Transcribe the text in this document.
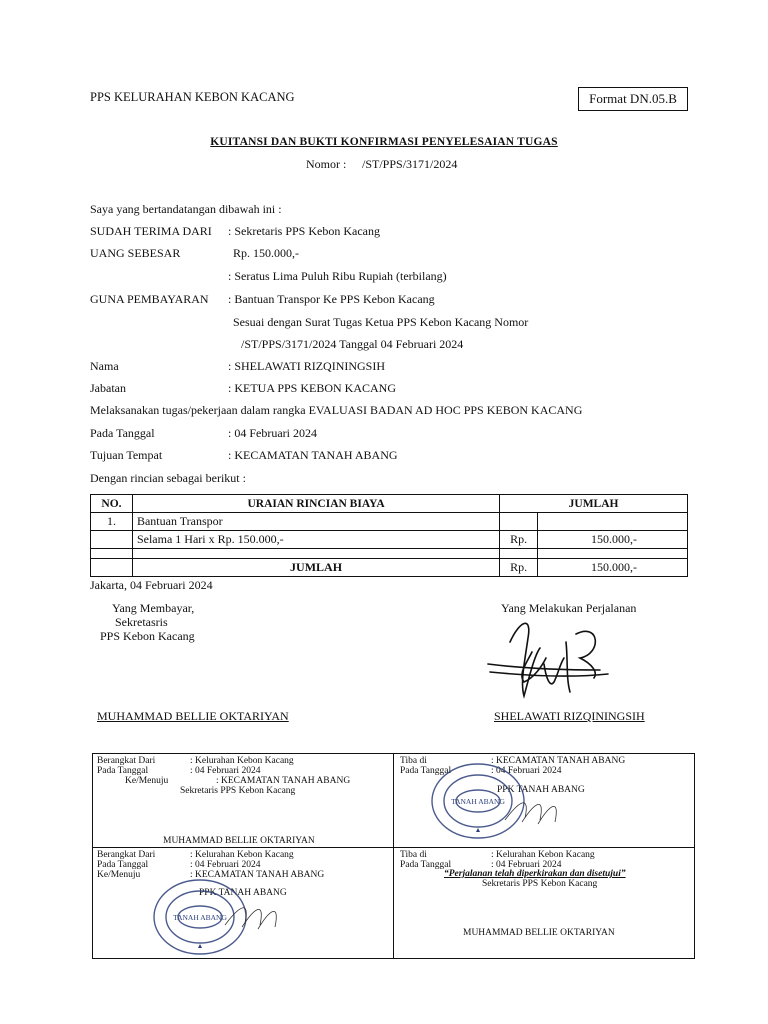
PPS KELURAHAN KEBON KACANG	Format DN.05.B
KUITANSI DAN BUKTI KONFIRMASI PENYELESAIAN TUGAS
Nomor : /ST/PPS/3171/2024
Saya yang bertandatangan dibawah ini :
SUDAH TERIMA DARI : Sekretaris PPS Kebon Kacang
UANG SEBESAR	Rp. 150.000,-
: Seratus Lima Puluh Ribu Rupiah (terbilang)
GUNA PEMBAYARAN : Bantuan Transpor Ke PPS Kebon Kacang
Sesuai dengan Surat Tugas Ketua PPS Kebon Kacang Nomor
/ST/PPS/3171/2024 Tanggal 04 Februari 2024
Nama	: SHELAWATI RIZQININGSIH
Jabatan	: KETUA PPS KEBON KACANG
Melaksanakan tugas/pekerjaan dalam rangka EVALUASI BADAN AD HOC PPS KEBON KACANG
Pada Tanggal	: 04 Februari 2024
Tujuan Tempat	: KECAMATAN TANAH ABANG
Dengan rincian sebagai berikut :
NO.	URAIAN RINCIAN BIAYA	JUMLAH	
1.	Bantuan Transpor		
	Selama 1 Hari x Rp. 150.000,-	Rp.	150.000,-

	JUMLAH	Rp.	150.000,-
Jakarta, 04 Februari 2024
Yang Membayar,
Sekretasris
PPS Kebon Kacang
Yang Melakukan Perjalanan
MUHAMMAD BELLIE OKTARIYAN	SHELAWATI RIZQININGSIH
Berangkat Dari	: Kelurahan Kebon Kacang
Pada Tanggal	: 04 Februari 2024
Ke/Menuju	: KECAMATAN TANAH ABANG
Sekretaris PPS Kebon Kacang
MUHAMMAD BELLIE OKTARIYAN
Tiba di	: KECAMATAN TANAH ABANG
Pada Tanggal	: 04 Februari 2024
PPK TANAH ABANG
TANAH ABANG
Berangkat Dari	: Kelurahan Kebon Kacang
Pada Tanggal	: 04 Februari 2024
Ke/Menuju	: KECAMATAN TANAH ABANG
PPK TANAH ABANG
TANAH ABANG
Tiba di	: Kelurahan Kebon Kacang
Pada Tanggal	: 04 Februari 2024
“Perjalanan telah diperkirakan dan disetujui”
Sekretaris PPS Kebon Kacang
MUHAMMAD BELLIE OKTARIYAN
